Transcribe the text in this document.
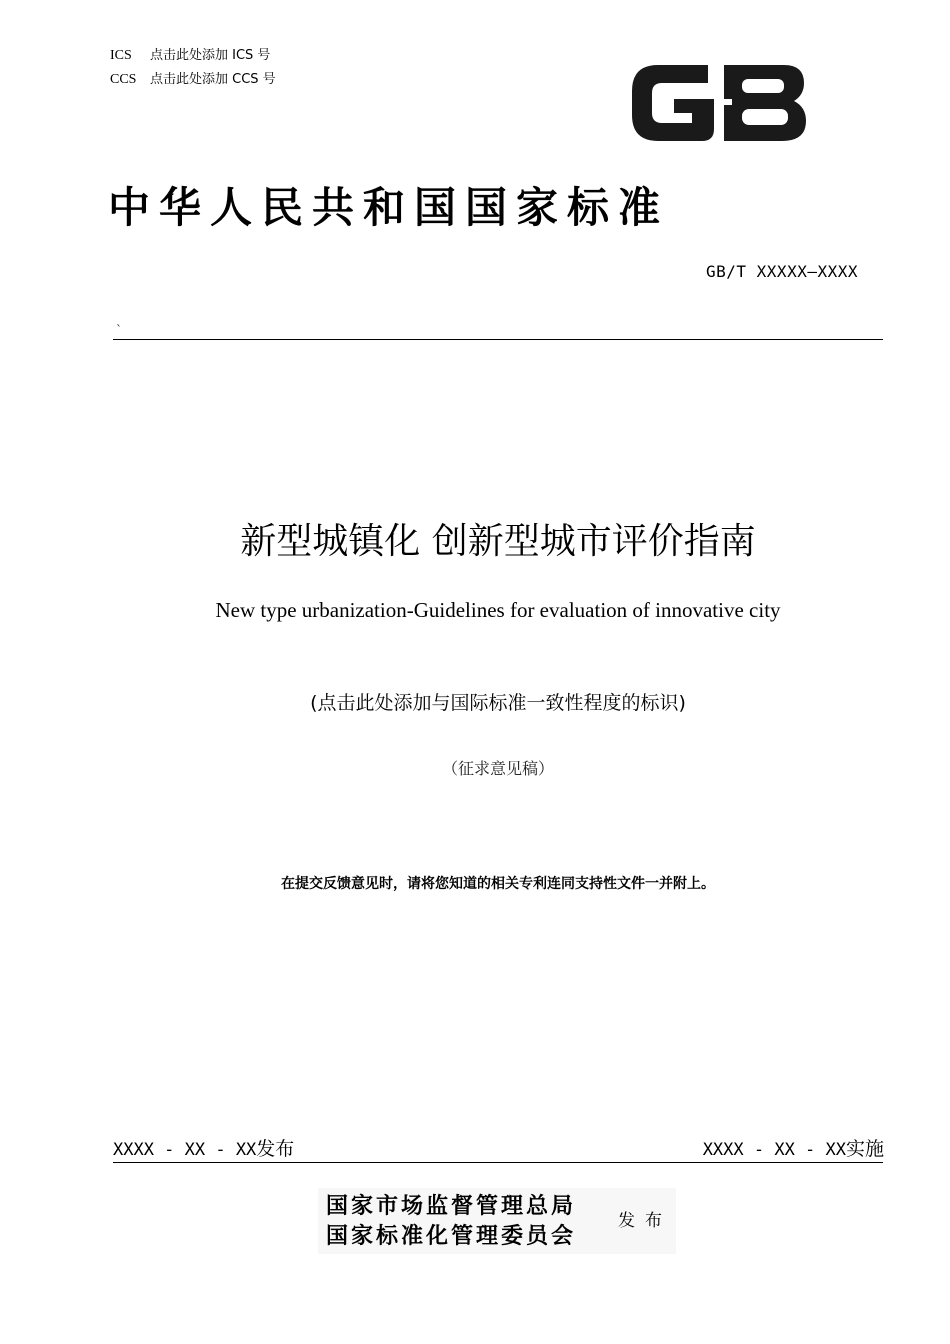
ICS 点击此处添加 ICS 号
CCS 点击此处添加 CCS 号
中华人民共和国国家标准
GB/T XXXXX—XXXX
`
新型城镇化 创新型城市评价指南
New type urbanization-Guidelines for evaluation of innovative city
(点击此处添加与国际标准一致性程度的标识)
（征求意见稿）
在提交反馈意见时，请将您知道的相关专利连同支持性文件一并附上。
XXXX - XX - XX发布	XXXX - XX - XX实施
国家市场监督管理总局
国家标准化管理委员会
发布
